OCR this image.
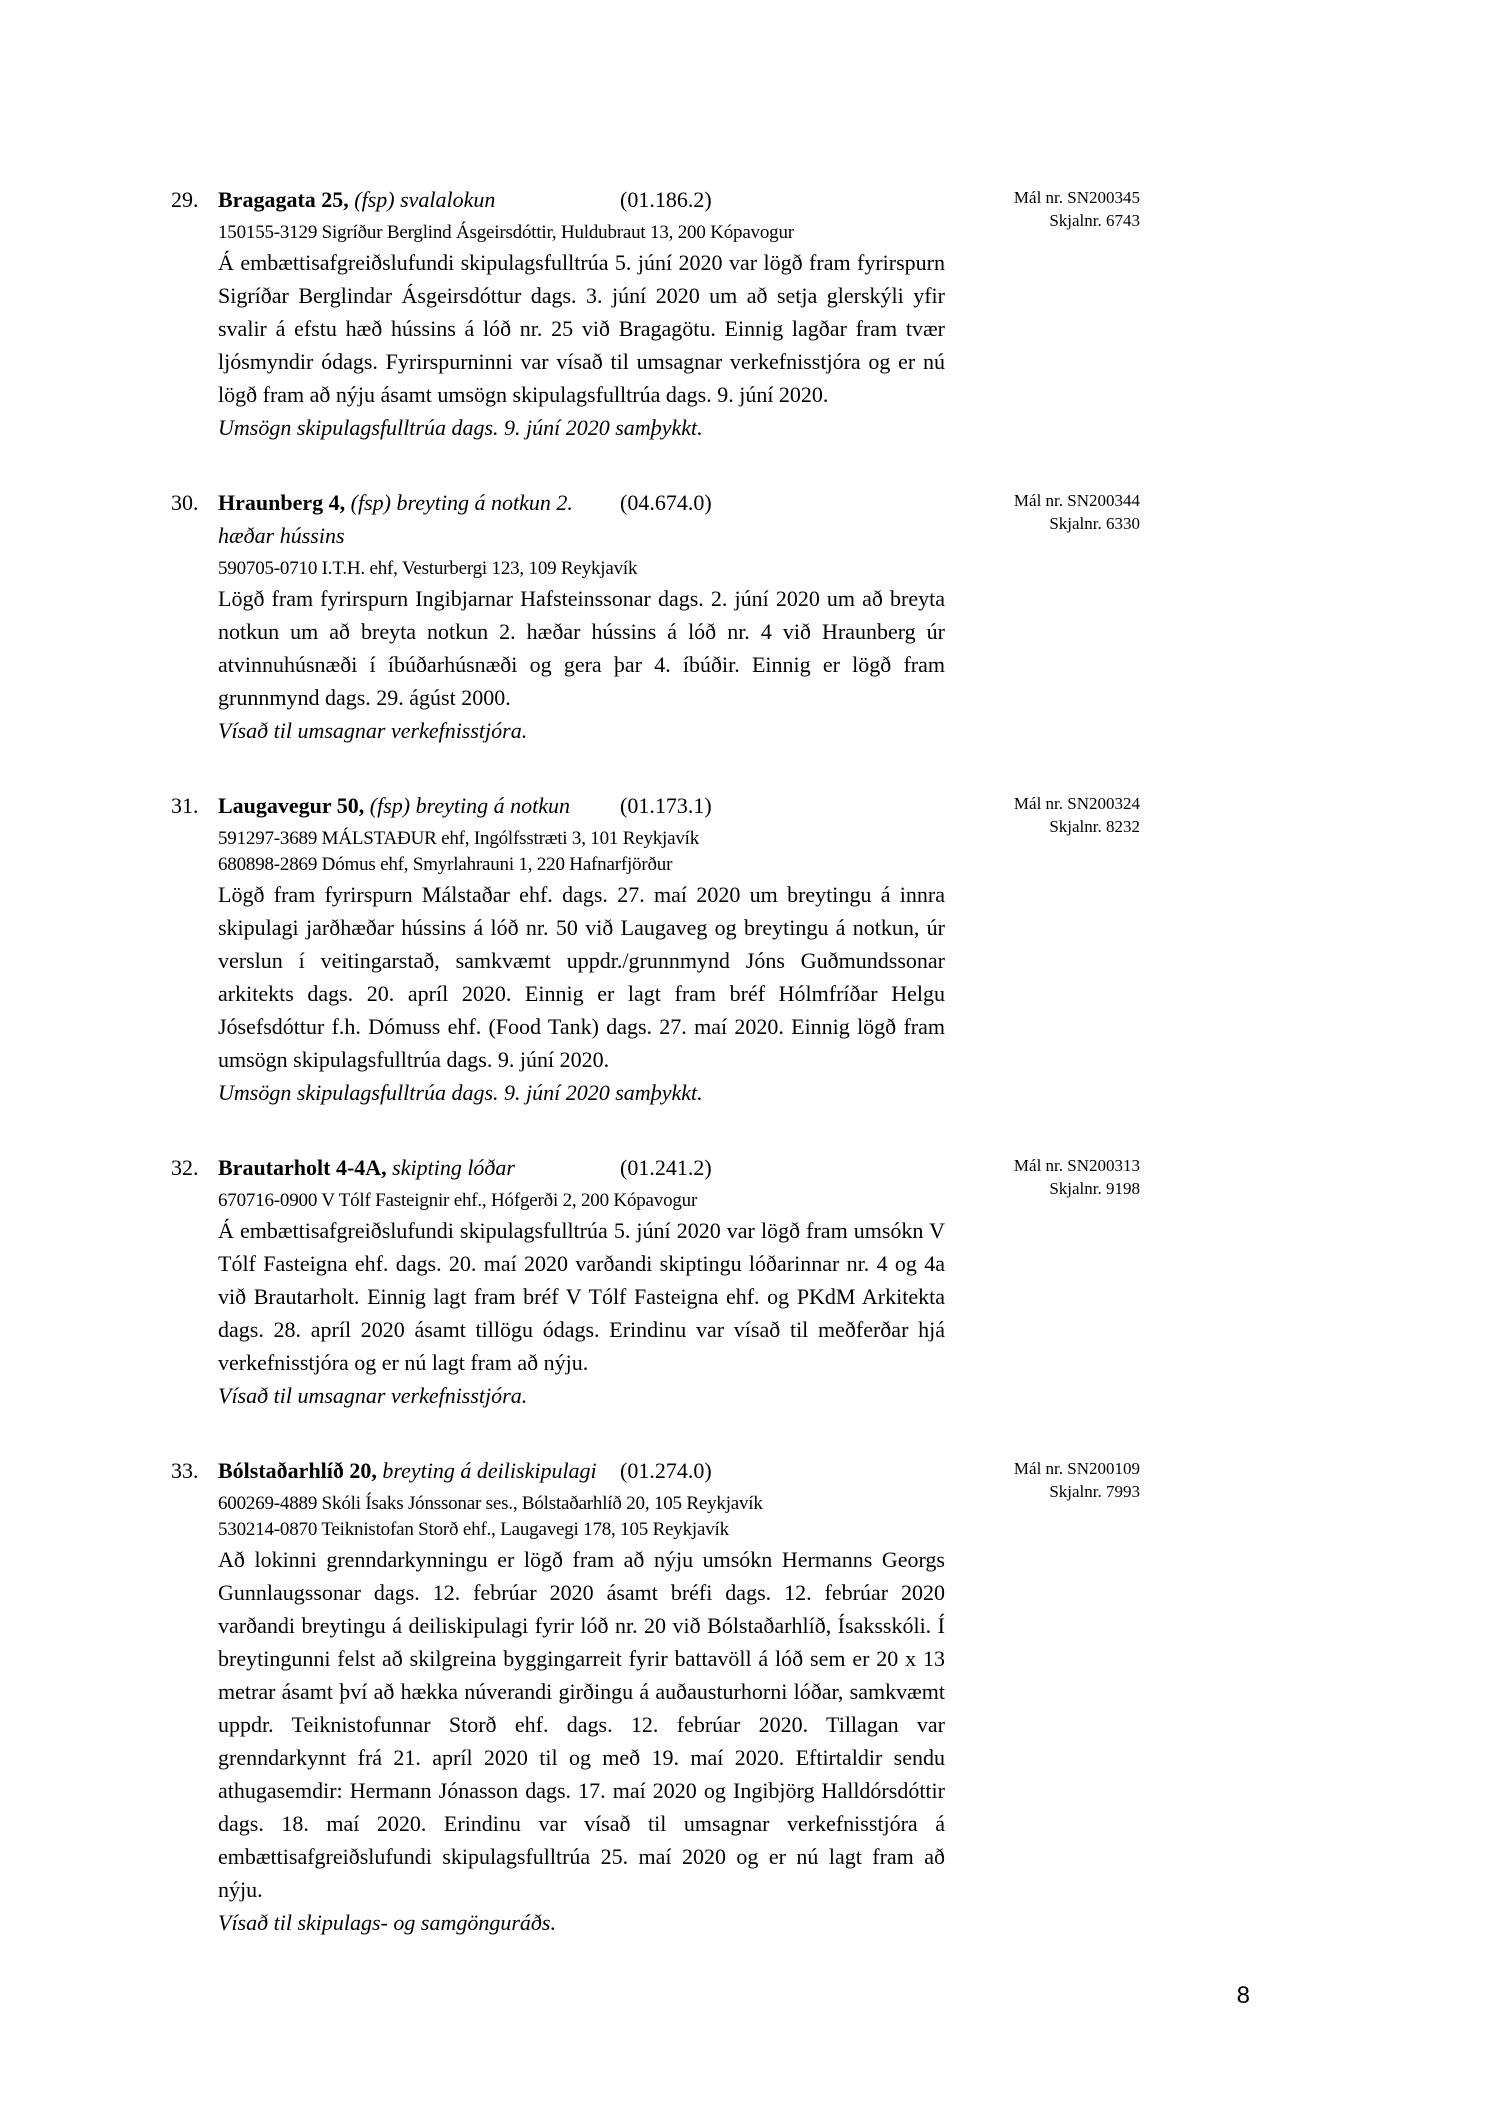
29. Bragagata 25, (fsp) svalalokun	(01.186.2)	Mál nr. SN200345
Skjalnr. 6743
150155-3129 Sigríður Berglind Ásgeirsdóttir, Huldubraut 13, 200 Kópavogur
Á embættisafgreiðslufundi skipulagsfulltrúa 5. júní 2020 var lögð fram fyrirspurn Sigríðar Berglindar Ásgeirsdóttur dags. 3. júní 2020 um að setja glerskýli yfir svalir á efstu hæð hússins á lóð nr. 25 við Bragagötu. Einnig lagðar fram tvær ljósmyndir ódags. Fyrirspurninni var vísað til umsagnar verkefnisstjóra og er nú lögð fram að nýju ásamt umsögn skipulagsfulltrúa dags. 9. júní 2020.
Umsögn skipulagsfulltrúa dags. 9. júní 2020 samþykkt.
30. Hraunberg 4, (fsp) breyting á notkun 2. hæðar hússins
(04.674.0)	Mál nr. SN200344
Skjalnr. 6330
590705-0710 I.T.H. ehf, Vesturbergi 123, 109 Reykjavík
Lögð fram fyrirspurn Ingibjarnar Hafsteinssonar dags. 2. júní 2020 um að breyta notkun um að breyta notkun 2. hæðar hússins á lóð nr. 4 við Hraunberg úr atvinnuhúsnæði í íbúðarhúsnæði og gera þar 4. íbúðir. Einnig er lögð fram grunnmynd dags. 29. ágúst 2000.
Vísað til umsagnar verkefnisstjóra.
31. Laugavegur 50, (fsp) breyting á notkun	(01.173.1)	Mál nr. SN200324
Skjalnr. 8232
591297-3689 MÁLSTAÐUR ehf, Ingólfsstræti 3, 101 Reykjavík
680898-2869 Dómus ehf, Smyrlahrauni 1, 220 Hafnarfjörður
Lögð fram fyrirspurn Málstaðar ehf. dags. 27. maí 2020 um breytingu á innra skipulagi jarðhæðar hússins á lóð nr. 50 við Laugaveg og breytingu á notkun, úr verslun í veitingarstað, samkvæmt uppdr./grunnmynd Jóns Guðmundssonar arkitekts dags. 20. apríl 2020. Einnig er lagt fram bréf Hólmfríðar Helgu Jósefsdóttur f.h. Dómuss ehf. (Food Tank) dags. 27. maí 2020. Einnig lögð fram umsögn skipulagsfulltrúa dags. 9. júní 2020.
Umsögn skipulagsfulltrúa dags. 9. júní 2020 samþykkt.
32. Brautarholt 4-4A, skipting lóðar	(01.241.2)	Mál nr. SN200313
Skjalnr. 9198
670716-0900 V Tólf Fasteignir ehf., Hófgerði 2, 200 Kópavogur
Á embættisafgreiðslufundi skipulagsfulltrúa 5. júní 2020 var lögð fram umsókn V Tólf Fasteigna ehf. dags. 20. maí 2020 varðandi skiptingu lóðarinnar nr. 4 og 4a við Brautarholt. Einnig lagt fram bréf V Tólf Fasteigna ehf. og PKdM Arkitekta dags. 28. apríl 2020 ásamt tillögu ódags. Erindinu var vísað til meðferðar hjá verkefnisstjóra og er nú lagt fram að nýju.
Vísað til umsagnar verkefnisstjóra.
33. Bólstaðarhlíð 20, breyting á deiliskipulagi	(01.274.0)	Mál nr. SN200109
Skjalnr. 7993
600269-4889 Skóli Ísaks Jónssonar ses., Bólstaðarhlíð 20, 105 Reykjavík
530214-0870 Teiknistofan Storð ehf., Laugavegi 178, 105 Reykjavík
Að lokinni grenndarkynningu er lögð fram að nýju umsókn Hermanns Georgs Gunnlaugssonar dags. 12. febrúar 2020 ásamt bréfi dags. 12. febrúar 2020 varðandi breytingu á deiliskipulagi fyrir lóð nr. 20 við Bólstaðarhlíð, Ísaksskóli. Í breytingunni felst að skilgreina byggingarreit fyrir battavöll á lóð sem er 20 x 13 metrar ásamt því að hækka núverandi girðingu á auðausturhorni lóðar, samkvæmt uppdr. Teiknistofunnar Storð ehf. dags. 12. febrúar 2020. Tillagan var grenndarkynnt frá 21. apríl 2020 til og með 19. maí 2020. Eftirtaldir sendu athugasemdir: Hermann Jónasson dags. 17. maí 2020 og Ingibjörg Halldórsdóttir dags. 18. maí 2020. Erindinu var vísað til umsagnar verkefnisstjóra á embættisafgreiðslufundi skipulagsfulltrúa 25. maí 2020 og er nú lagt fram að nýju.
Vísað til skipulags- og samgönguráðs.
8
